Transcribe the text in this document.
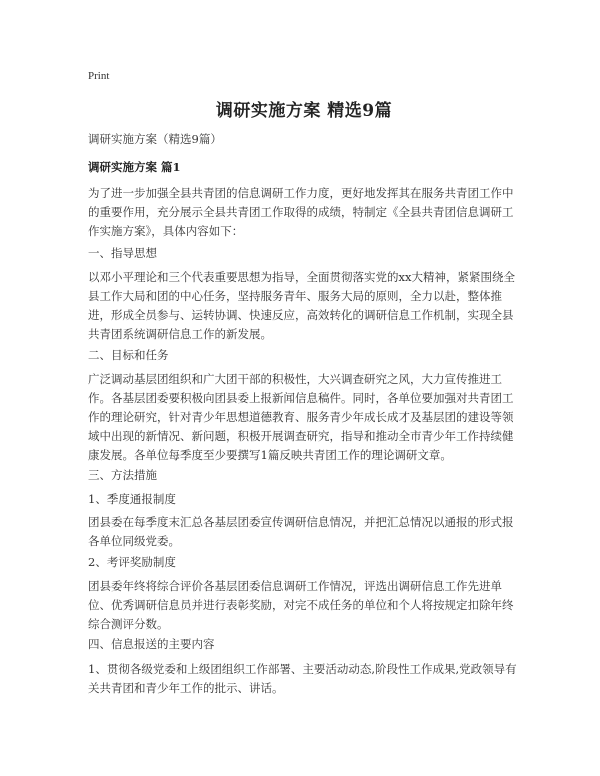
Print
调研实施方案 精选9篇

调研实施方案（精选9篇）

调研实施方案 篇1

为了进一步加强全县共青团的信息调研工作力度，更好地发挥其在服务共青团工作中的重要作用，充分展示全县共青团工作取得的成绩，特制定《全县共青团信息调研工作实施方案》，具体内容如下：

一、指导思想

以邓小平理论和三个代表重要思想为指导，全面贯彻落实党的xx大精神，紧紧围绕全县工作大局和团的中心任务，坚持服务青年、服务大局的原则，全力以赴，整体推进，形成全员参与、运转协调、快速反应，高效转化的调研信息工作机制，实现全县共青团系统调研信息工作的新发展。

二、目标和任务

广泛调动基层团组织和广大团干部的积极性，大兴调查研究之风，大力宣传推进工作。各基层团委要积极向团县委上报新闻信息稿件。同时，各单位要加强对共青团工作的理论研究，针对青少年思想道德教育、服务青少年成长成才及基层团的建设等领域中出现的新情况、新问题，积极开展调查研究，指导和推动全市青少年工作持续健康发展。各单位每季度至少要撰写1篇反映共青团工作的理论调研文章。

三、方法措施

1、季度通报制度

团县委在每季度末汇总各基层团委宣传调研信息情况，并把汇总情况以通报的形式报各单位同级党委。

2、考评奖励制度

团县委年终将综合评价各基层团委信息调研工作情况，评选出调研信息工作先进单位、优秀调研信息员并进行表彰奖励，对完不成任务的单位和个人将按规定扣除年终综合测评分数。

四、信息报送的主要内容

1、贯彻各级党委和上级团组织工作部署、主要活动动态,阶段性工作成果,党政领导有关共青团和青少年工作的批示、讲话。
